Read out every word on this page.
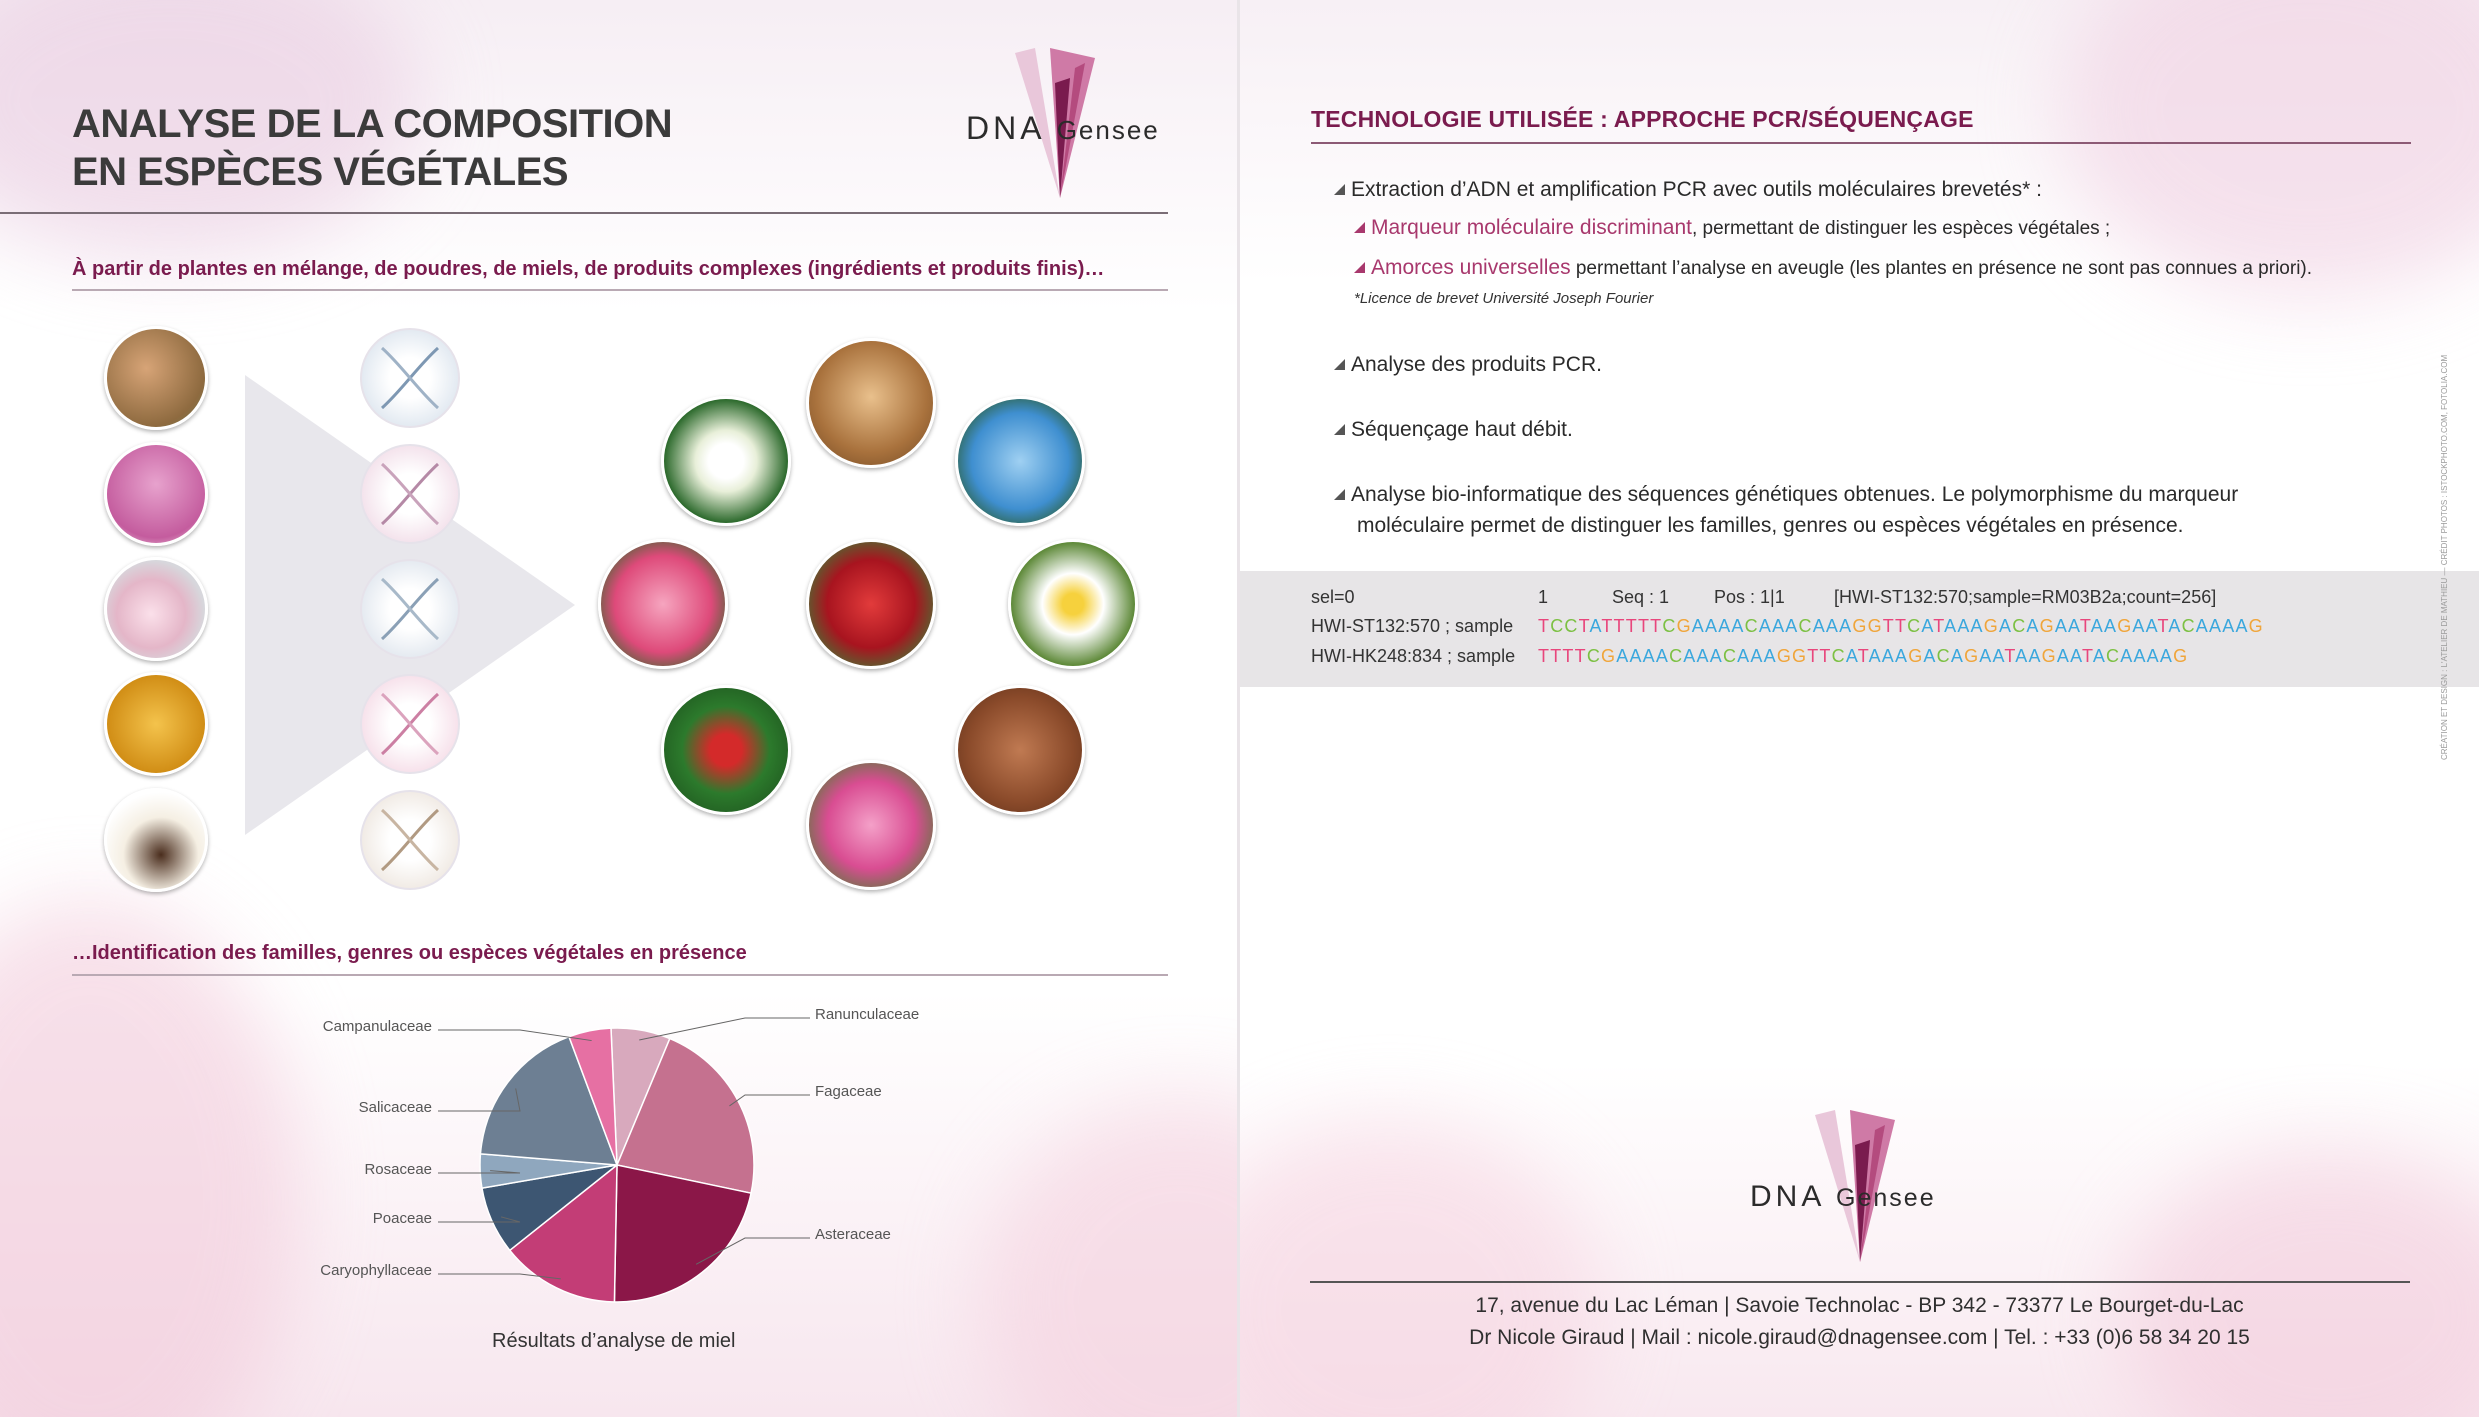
ANALYSE DE LA COMPOSITION
EN ESPÈCES VÉGÉTALES
DNA Gensee
À partir de plantes en mélange, de poudres, de miels, de produits complexes (ingrédients et produits finis)…
…Identification des familles, genres ou espèces végétales en présence
Résultats d’analyse de miel
Ranunculaceae
Fagaceae
Asteraceae
Caryophyllaceae
Poaceae
Rosaceae
Salicaceae
Campanulaceae
TECHNOLOGIE UTILISÉE : APPROCHE PCR/SÉQUENÇAGE
Extraction d’ADN et amplification PCR avec outils moléculaires brevetés* :
Marqueur moléculaire discriminant, permettant de distinguer les espèces végétales ;
Amorces universelles permettant l’analyse en aveugle (les plantes en présence ne sont pas connues a priori).
*Licence de brevet Université Joseph Fourier
Analyse des produits PCR.
Séquençage haut débit.
Analyse bio-informatique des séquences génétiques obtenues. Le polymorphisme du marqueur
moléculaire permet de distinguer les familles, genres ou espèces végétales en présence.
sel=0	1	Seq : 1 Pos : 1|1	[HWI-ST132:570;sample=RM03B2a;count=256]
HWI-ST132:570 ; sample TCCTATTTTTCGAAAACAAACAAAGGTTCATAAAGACAGAATAAGAATACAAAAG
HWI-HK248:834 ; sample TTTTCGAAAACAAACAAAGGTTCATAAAGACAGAATAAGAATACAAAAG
DNA Gensee
17, avenue du Lac Léman | Savoie Technolac - BP 342 - 73377 Le Bourget-du-Lac
Dr Nicole Giraud | Mail : nicole.giraud@dnagensee.com | Tel. : +33 (0)6 58 34 20 15
CRÉATION ET DESIGN : L'ATELIER DE MATHIEU — CRÉDIT PHOTOS : ISTOCKPHOTO.COM, FOTOLIA.COM
